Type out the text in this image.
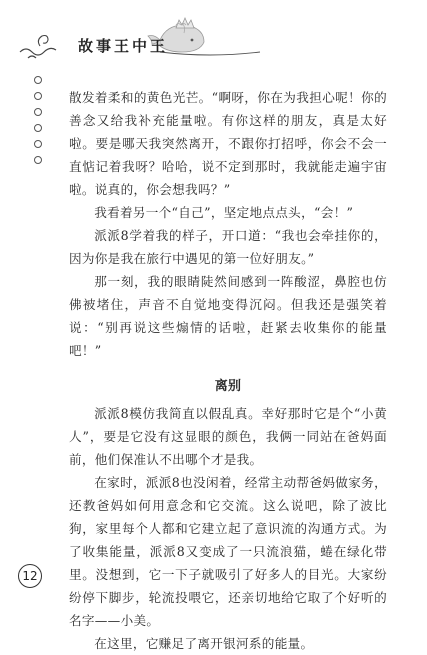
故事王中王

散发着柔和的黄色光芒。“啊呀，你在为我担心呢！你的善念又给我补充能量啦。有你这样的朋友，真是太好啦。要是哪天我突然离开，不跟你打招呼，你会不会一直惦记着我呀？哈哈，说不定到那时，我就能走遍宇宙啦。说真的，你会想我吗？”

我看着另一个“自己”，坚定地点点头，“会！”

派派8学着我的样子，开口道：“我也会牵挂你的，因为你是我在旅行中遇见的第一位好朋友。”

那一刻，我的眼睛陡然间感到一阵酸涩，鼻腔也仿佛被堵住，声音不自觉地变得沉闷。但我还是强笑着说：“别再说这些煽情的话啦，赶紧去收集你的能量吧！”

离别

派派8模仿我简直以假乱真。幸好那时它是个“小黄人”，要是它没有这显眼的颜色，我俩一同站在爸妈面前，他们保准认不出哪个才是我。

在家时，派派8也没闲着，经常主动帮爸妈做家务，还教爸妈如何用意念和它交流。这么说吧，除了波比狗，家里每个人都和它建立起了意识流的沟通方式。为了收集能量，派派8又变成了一只流浪猫，蜷在绿化带里。没想到，它一下子就吸引了好多人的目光。大家纷纷停下脚步，轮流投喂它，还亲切地给它取了个好听的名字——小美。

在这里，它赚足了离开银河系的能量。

12
